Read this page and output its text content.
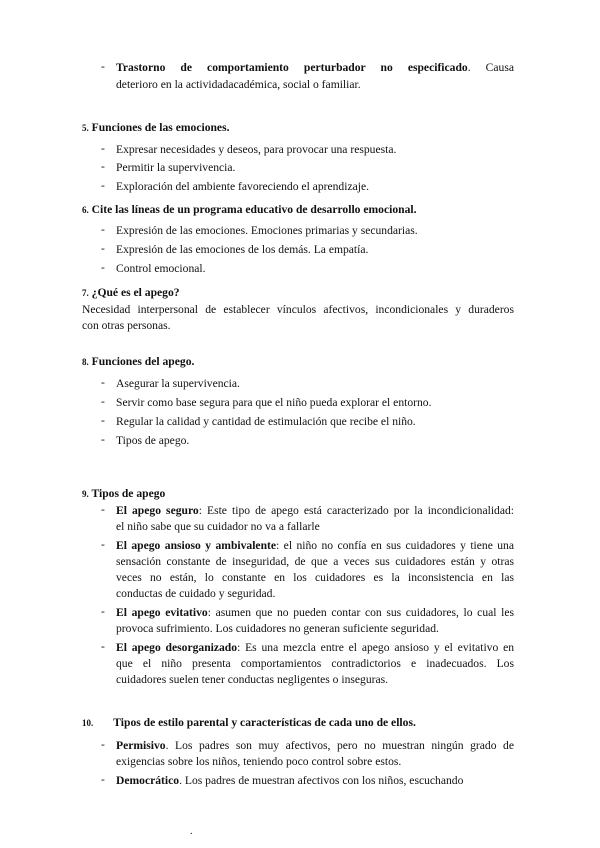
- Trastorno de comportamiento perturbador no especificado. Causa
deterioro en la actividadacadémica, social o familiar.
5. Funciones de las emociones.
- Expresar necesidades y deseos, para provocar una respuesta.
- Permitir la supervivencia.
- Exploración del ambiente favoreciendo el aprendizaje.
6. Cite las líneas de un programa educativo de desarrollo emocional.
- Expresión de las emociones. Emociones primarias y secundarias.
- Expresión de las emociones de los demás. La empatía.
- Control emocional.
7. ¿Qué es el apego?
Necesidad interpersonal de establecer vínculos afectivos, incondicionales y duraderos
con otras personas.
8. Funciones del apego.
- Asegurar la supervivencia.
- Servir como base segura para que el niño pueda explorar el entorno.
- Regular la calidad y cantidad de estimulación que recibe el niño.
- Tipos de apego.
9. Tipos de apego
- El apego seguro: Este tipo de apego está caracterizado por la incondicionalidad:
el niño sabe que su cuidador no va a fallarle
- El apego ansioso y ambivalente: el niño no confía en sus cuidadores y tiene una
sensación constante de inseguridad, de que a veces sus cuidadores están y otras
veces no están, lo constante en los cuidadores es la inconsistencia en las
conductas de cuidado y seguridad.
- El apego evitativo: asumen que no pueden contar con sus cuidadores, lo cual les
provoca sufrimiento. Los cuidadores no generan suficiente seguridad.
- El apego desorganizado: Es una mezcla entre el apego ansioso y el evitativo en
que el niño presenta comportamientos contradictorios e inadecuados. Los
cuidadores suelen tener conductas negligentes o inseguras.
10. Tipos de estilo parental y características de cada uno de ellos.
- Permisivo. Los padres son muy afectivos, pero no muestran ningún grado de
exigencias sobre los niños, teniendo poco control sobre estos.
- Democrático. Los padres de muestran afectivos con los niños, escuchando
.
